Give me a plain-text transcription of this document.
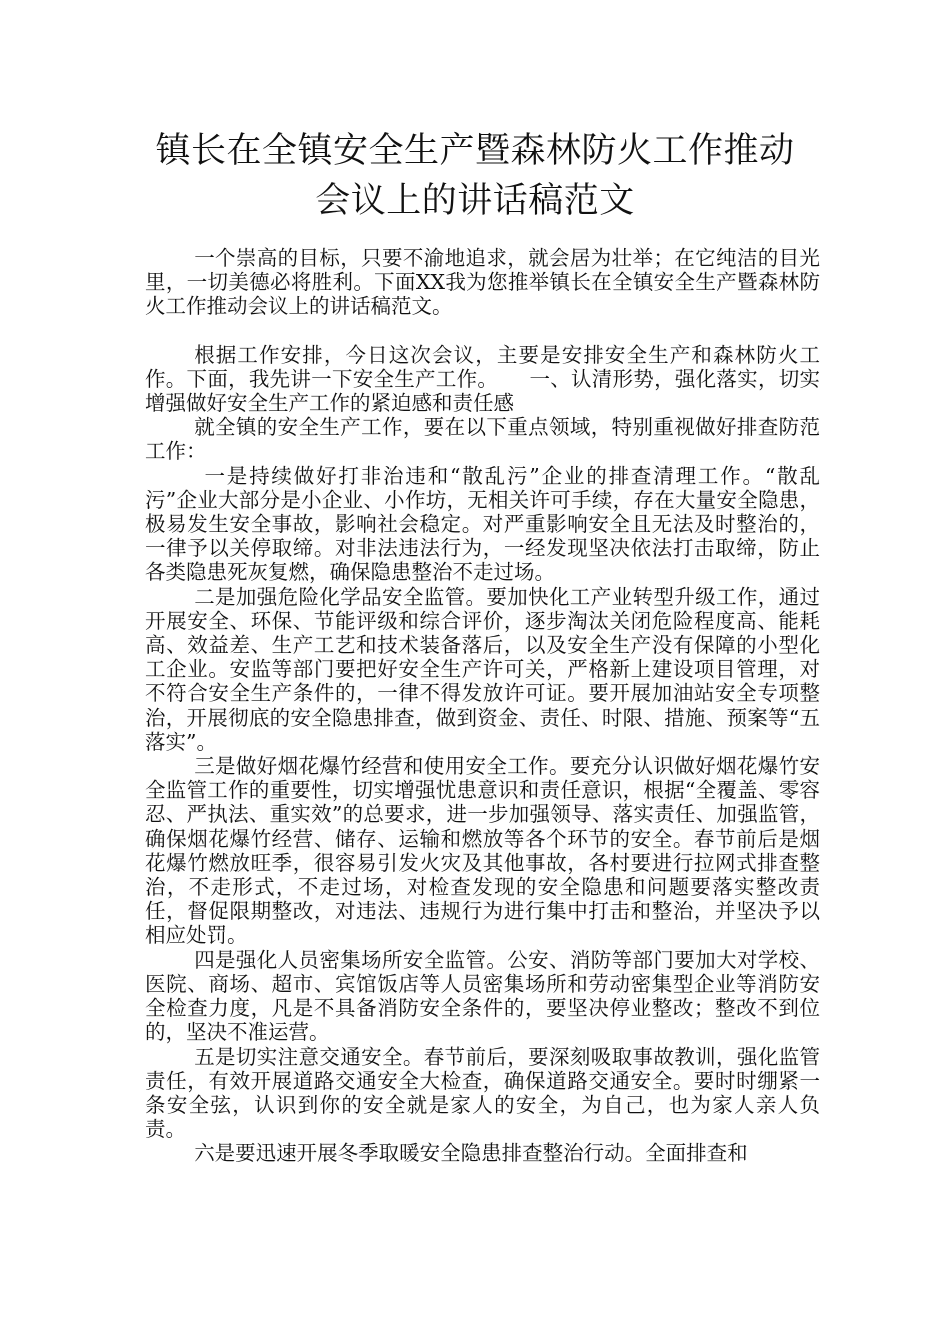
镇长在全镇安全生产暨森林防火工作推动
会议上的讲话稿范文

一个崇高的目标，只要不渝地追求，就会居为壮举；在它纯洁的目光里，一切美德必将胜利。下面XX我为您推举镇长在全镇安全生产暨森林防火工作推动会议上的讲话稿范文。

根据工作安排，今日这次会议，主要是安排安全生产和森林防火工作。下面，我先讲一下安全生产工作。　　一、认清形势，强化落实，切实增强做好安全生产工作的紧迫感和责任感

就全镇的安全生产工作，要在以下重点领域，特别重视做好排查防范工作：

一是持续做好打非治违和“散乱污”企业的排查清理工作。“散乱污”企业大部分是小企业、小作坊，无相关许可手续，存在大量安全隐患，极易发生安全事故，影响社会稳定。对严重影响安全且无法及时整治的，一律予以关停取缔。对非法违法行为，一经发现坚决依法打击取缔，防止各类隐患死灰复燃，确保隐患整治不走过场。

二是加强危险化学品安全监管。要加快化工产业转型升级工作，通过开展安全、环保、节能评级和综合评价，逐步淘汰关闭危险程度高、能耗高、效益差、生产工艺和技术装备落后，以及安全生产没有保障的小型化工企业。安监等部门要把好安全生产许可关，严格新上建设项目管理，对不符合安全生产条件的，一律不得发放许可证。要开展加油站安全专项整治，开展彻底的安全隐患排查，做到资金、责任、时限、措施、预案等“五落实”。

三是做好烟花爆竹经营和使用安全工作。要充分认识做好烟花爆竹安全监管工作的重要性，切实增强忧患意识和责任意识，根据“全覆盖、零容忍、严执法、重实效”的总要求，进一步加强领导、落实责任、加强监管，确保烟花爆竹经营、储存、运输和燃放等各个环节的安全。春节前后是烟花爆竹燃放旺季，很容易引发火灾及其他事故，各村要进行拉网式排查整治，不走形式，不走过场，对检查发现的安全隐患和问题要落实整改责任，督促限期整改，对违法、违规行为进行集中打击和整治，并坚决予以相应处罚。

四是强化人员密集场所安全监管。公安、消防等部门要加大对学校、医院、商场、超市、宾馆饭店等人员密集场所和劳动密集型企业等消防安全检查力度，凡是不具备消防安全条件的，要坚决停业整改；整改不到位的，坚决不准运营。

五是切实注意交通安全。春节前后，要深刻吸取事故教训，强化监管责任，有效开展道路交通安全大检查，确保道路交通安全。要时时绷紧一条安全弦，认识到你的安全就是家人的安全，为自己，也为家人亲人负责。

六是要迅速开展冬季取暖安全隐患排查整治行动。全面排查和
